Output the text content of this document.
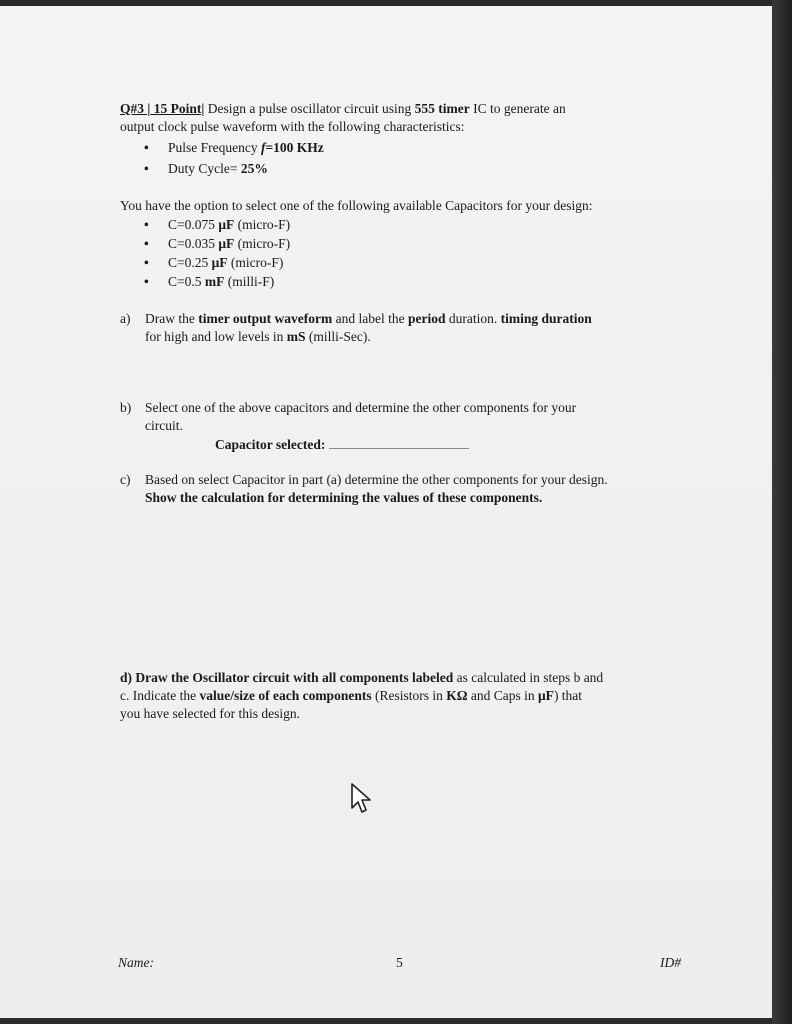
Q#3 | 15 Point| Design a pulse oscillator circuit using 555 timer IC to generate an
output clock pulse waveform with the following characteristics:
• Pulse Frequency f=100 KHz
• Duty Cycle= 25%
You have the option to select one of the following available Capacitors for your design:
• C=0.075 μF (micro-F)
• C=0.035 μF (micro-F)
• C=0.25 μF (micro-F)
• C=0.5 mF (milli-F)
a) Draw the timer output waveform and label the period duration. timing duration
for high and low levels in mS (milli-Sec).
b) Select one of the above capacitors and determine the other components for your
circuit.
Capacitor selected:
c) Based on select Capacitor in part (a) determine the other components for your design.
Show the calculation for determining the values of these components.
d) Draw the Oscillator circuit with all components labeled as calculated in steps b and
c. Indicate the value/size of each components (Resistors in KΩ and Caps in μF) that
you have selected for this design.
Name:	5	ID#
